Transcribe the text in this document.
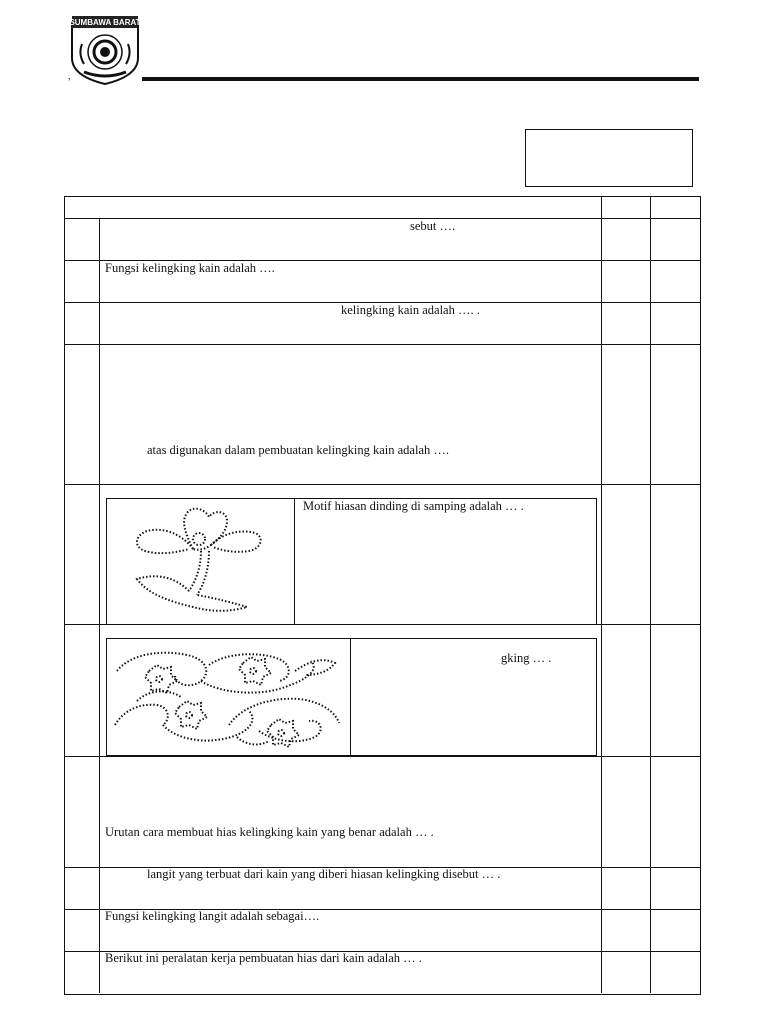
SUMBAWA BARAT
,
sebut ….
Fungsi kelingking kain adalah ….
kelingking kain adalah …. .
atas digunakan dalam pembuatan kelingking kain adalah ….
Motif hiasan dinding di samping adalah … .
gking … .
Urutan cara membuat hias kelingking kain yang benar adalah … .
langit yang terbuat dari kain yang diberi hiasan kelingking disebut … .
Fungsi kelingking langit adalah sebagai….
Berikut ini peralatan kerja pembuatan hias dari kain adalah … .
